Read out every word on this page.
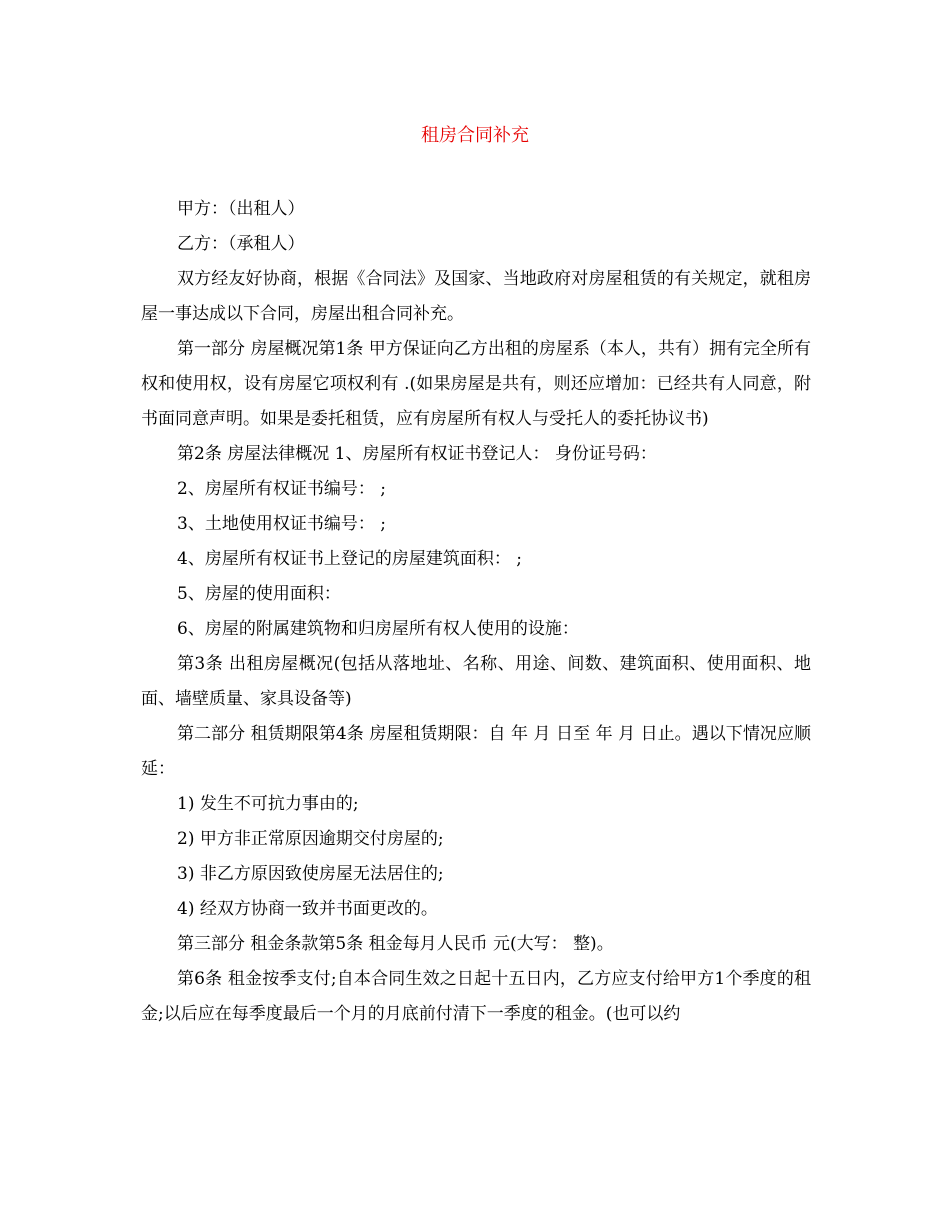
租房合同补充

甲方：（出租人）

乙方：（承租人）

双方经友好协商，根据《合同法》及国家、当地政府对房屋租赁的有关规定，就租房屋一事达成以下合同，房屋出租合同补充。

第一部分 房屋概况第1条 甲方保证向乙方出租的房屋系（本人，共有）拥有完全所有权和使用权，设有房屋它项权利有 .(如果房屋是共有，则还应增加：已经共有人同意，附书面同意声明。如果是委托租赁，应有房屋所有权人与受托人的委托协议书)

第2条 房屋法律概况 1、房屋所有权证书登记人： 身份证号码：

2、房屋所有权证书编号： ;

3、土地使用权证书编号： ;

4、房屋所有权证书上登记的房屋建筑面积： ;

5、房屋的使用面积：

6、房屋的附属建筑物和归房屋所有权人使用的设施：

第3条 出租房屋概况(包括从落地址、名称、用途、间数、建筑面积、使用面积、地面、墙壁质量、家具设备等)

第二部分 租赁期限第4条 房屋租赁期限：自 年 月 日至 年 月 日止。遇以下情况应顺延：

1) 发生不可抗力事由的;

2) 甲方非正常原因逾期交付房屋的;

3) 非乙方原因致使房屋无法居住的;

4) 经双方协商一致并书面更改的。

第三部分 租金条款第5条 租金每月人民币 元(大写： 整)。

第6条 租金按季支付;自本合同生效之日起十五日内，乙方应支付给甲方1个季度的租金;以后应在每季度最后一个月的月底前付清下一季度的租金。(也可以约
